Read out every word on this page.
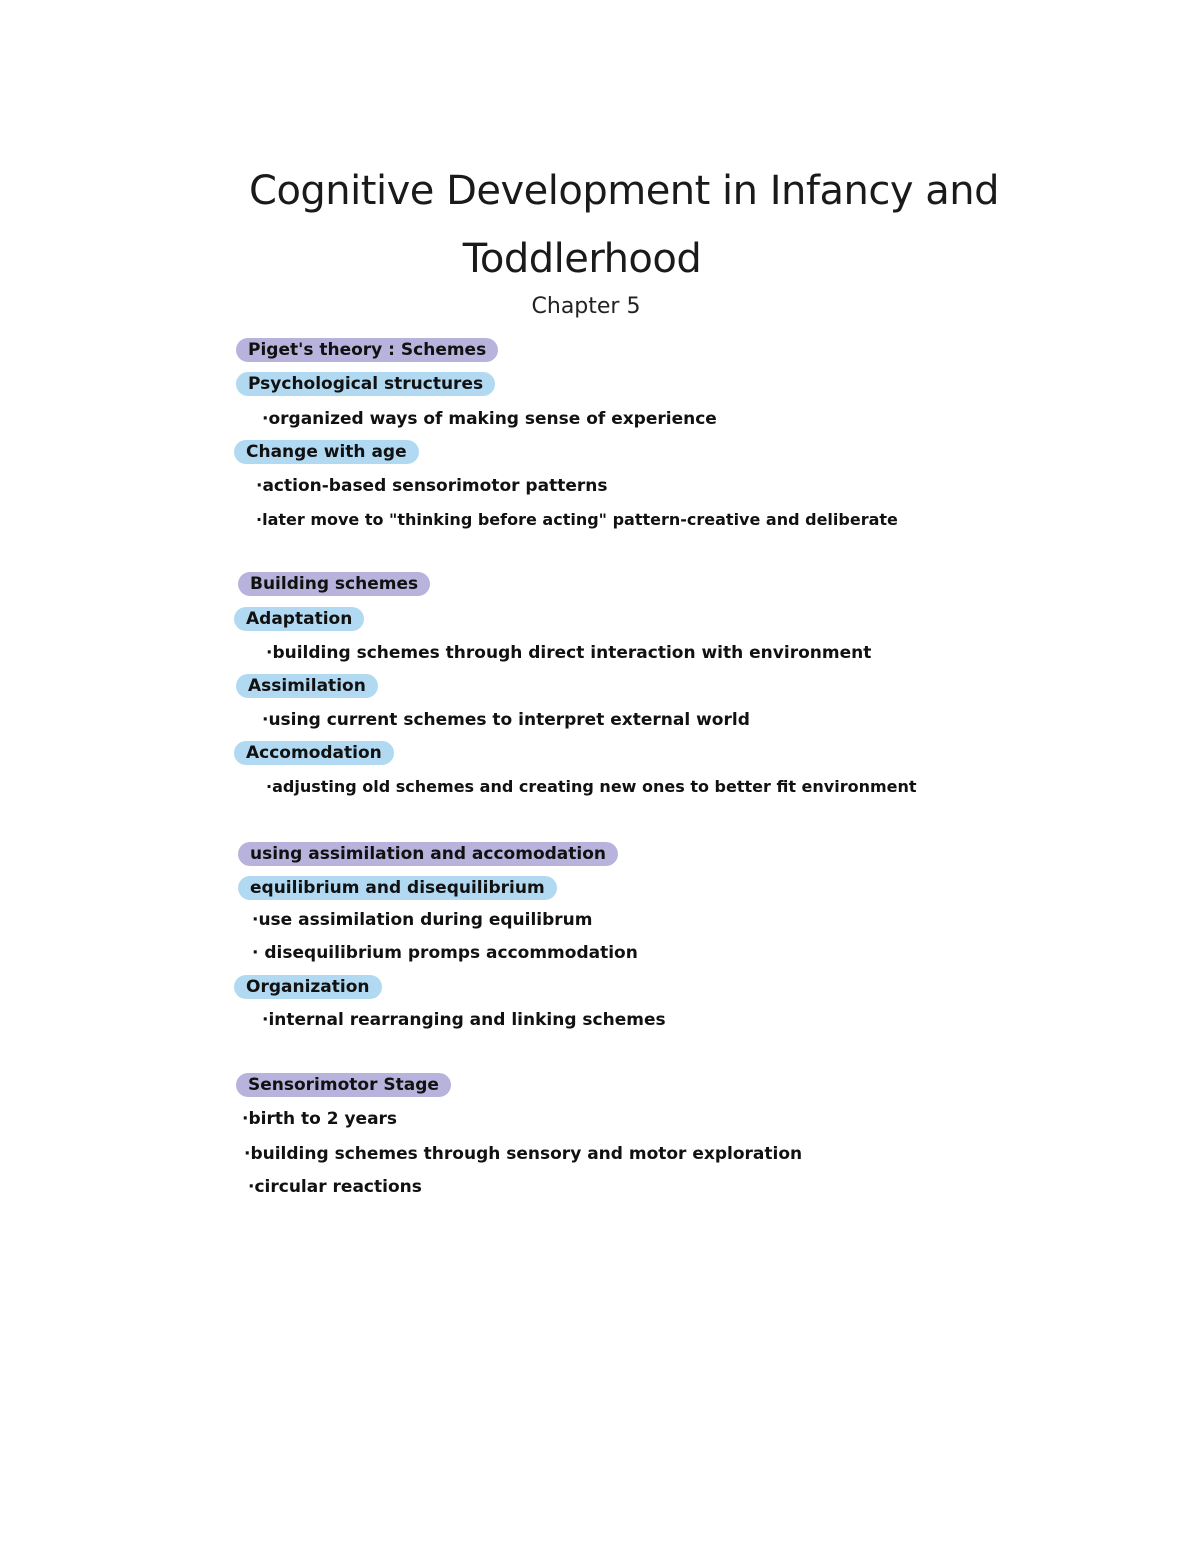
Cognitive Development in Infancy and
Toddlerhood
Chapter 5
Piget's theory : Schemes
Psychological structures
·organized ways of making sense of experience
Change with age
·action-based sensorimotor patterns
·later move to "thinking before acting" pattern-creative and deliberate
Building schemes
Adaptation
·building schemes through direct interaction with environment
Assimilation
·using current schemes to interpret external world
Accomodation
·adjusting old schemes and creating new ones to better fit environment
using assimilation and accomodation
equilibrium and disequilibrium
·use assimilation during equilibrum
· disequilibrium promps accommodation
Organization
·internal rearranging and linking schemes
Sensorimotor Stage
·birth to 2 years
·building schemes through sensory and motor exploration
·circular reactions
